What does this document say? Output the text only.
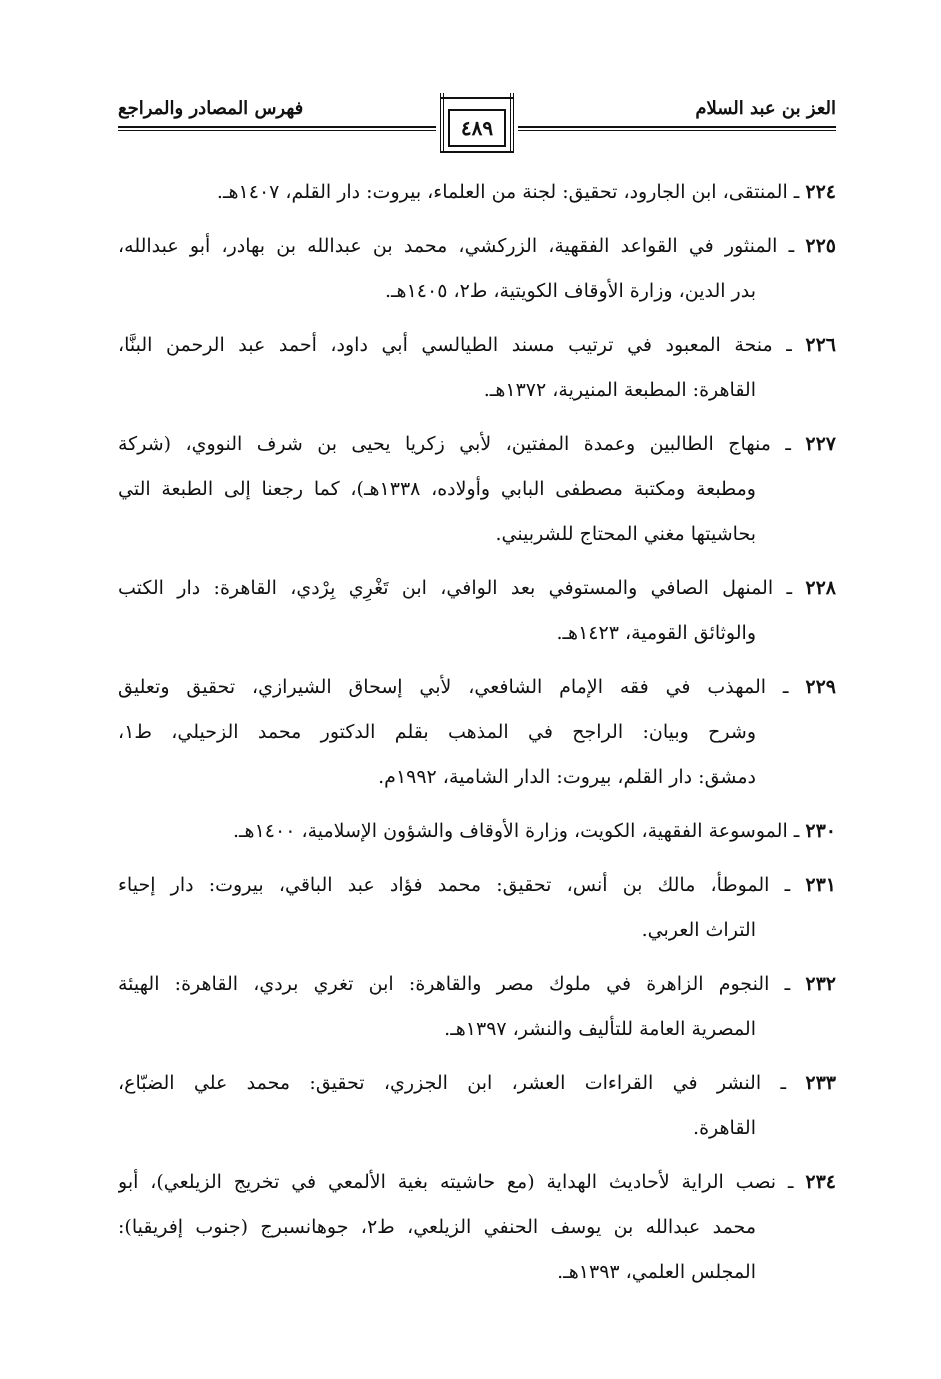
العز بن عبد السلام
فهرس المصادر والمراجع
٤٨٩
٢٢٤ ـ المنتقى، ابن الجارود، تحقيق: لجنة من العلماء، بيروت: دار القلم، ١٤٠٧هـ.
٢٢٥ ـ المنثور في القواعد الفقهية، الزركشي، محمد بن عبدالله بن بهادر، أبو عبدالله،
بدر الدين، وزارة الأوقاف الكويتية، ط٢، ١٤٠٥هـ.
٢٢٦ ـ منحة المعبود في ترتيب مسند الطيالسي أبي داود، أحمد عبد الرحمن البنَّا،
القاهرة: المطبعة المنيرية، ١٣٧٢هـ.
٢٢٧ ـ منهاج الطالبين وعمدة المفتين، لأبي زكريا يحيى بن شرف النووي، (شركة
ومطبعة ومكتبة مصطفى البابي وأولاده، ١٣٣٨هـ)، كما رجعنا إلى الطبعة التي
بحاشيتها مغني المحتاج للشربيني.
٢٢٨ ـ المنهل الصافي والمستوفي بعد الوافي، ابن تَغْرِي بِرْدي، القاهرة: دار الكتب
والوثائق القومية، ١٤٢٣هـ.
٢٢٩ ـ المهذب في فقه الإمام الشافعي، لأبي إسحاق الشيرازي، تحقيق وتعليق
وشرح وبيان: الراجح في المذهب بقلم الدكتور محمد الزحيلي، ط١،
دمشق: دار القلم، بيروت: الدار الشامية، ١٩٩٢م.
٢٣٠ ـ الموسوعة الفقهية، الكويت، وزارة الأوقاف والشؤون الإسلامية، ١٤٠٠هـ.
٢٣١ ـ الموطأ، مالك بن أنس، تحقيق: محمد فؤاد عبد الباقي، بيروت: دار إحياء
التراث العربي.
٢٣٢ ـ النجوم الزاهرة في ملوك مصر والقاهرة: ابن تغري بردي، القاهرة: الهيئة
المصرية العامة للتأليف والنشر، ١٣٩٧هـ.
٢٣٣ ـ النشر في القراءات العشر، ابن الجزري، تحقيق: محمد علي الضبّاع،
القاهرة.
٢٣٤ ـ نصب الراية لأحاديث الهداية (مع حاشيته بغية الألمعي في تخريج الزيلعي)، أبو
محمد عبدالله بن يوسف الحنفي الزيلعي، ط٢، جوهانسبرج (جنوب إفريقيا):
المجلس العلمي، ١٣٩٣هـ.
